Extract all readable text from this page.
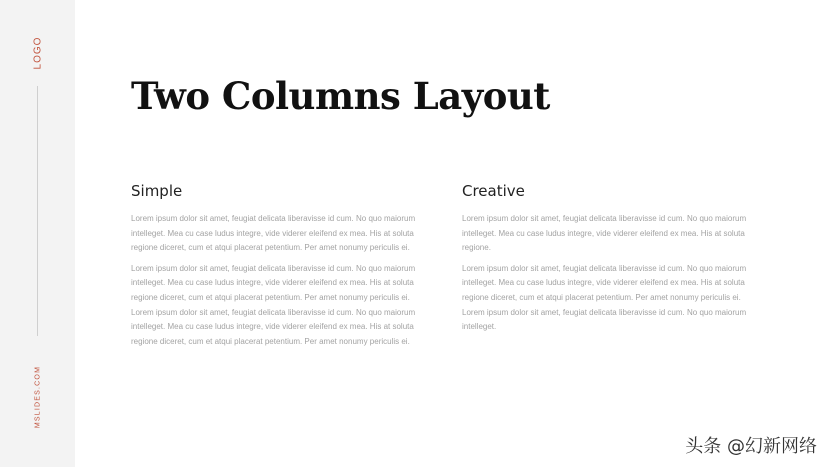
LOGO
MSLIDES.COM
Two Columns Layout
Simple

Lorem ipsum dolor sit amet, feugiat delicata liberavisse id cum. No quo maiorum intelleget. Mea cu case ludus integre, vide viderer eleifend ex mea. His at soluta regione diceret, cum et atqui placerat petentium. Per amet nonumy periculis ei.

Lorem ipsum dolor sit amet, feugiat delicata liberavisse id cum. No quo maiorum intelleget. Mea cu case ludus integre, vide viderer eleifend ex mea. His at soluta regione diceret, cum et atqui placerat petentium. Per amet nonumy periculis ei. Lorem ipsum dolor sit amet, feugiat delicata liberavisse id cum. No quo maiorum intelleget. Mea cu case ludus integre, vide viderer eleifend ex mea. His at soluta regione diceret, cum et atqui placerat petentium. Per amet nonumy periculis ei.

Creative

Lorem ipsum dolor sit amet, feugiat delicata liberavisse id cum. No quo maiorum intelleget. Mea cu case ludus integre, vide viderer eleifend ex mea. His at soluta regione.

Lorem ipsum dolor sit amet, feugiat delicata liberavisse id cum. No quo maiorum intelleget. Mea cu case ludus integre, vide viderer eleifend ex mea. His at soluta regione diceret, cum et atqui placerat petentium. Per amet nonumy periculis ei. Lorem ipsum dolor sit amet, feugiat delicata liberavisse id cum. No quo maiorum intelleget.

头条 @幻新网络
